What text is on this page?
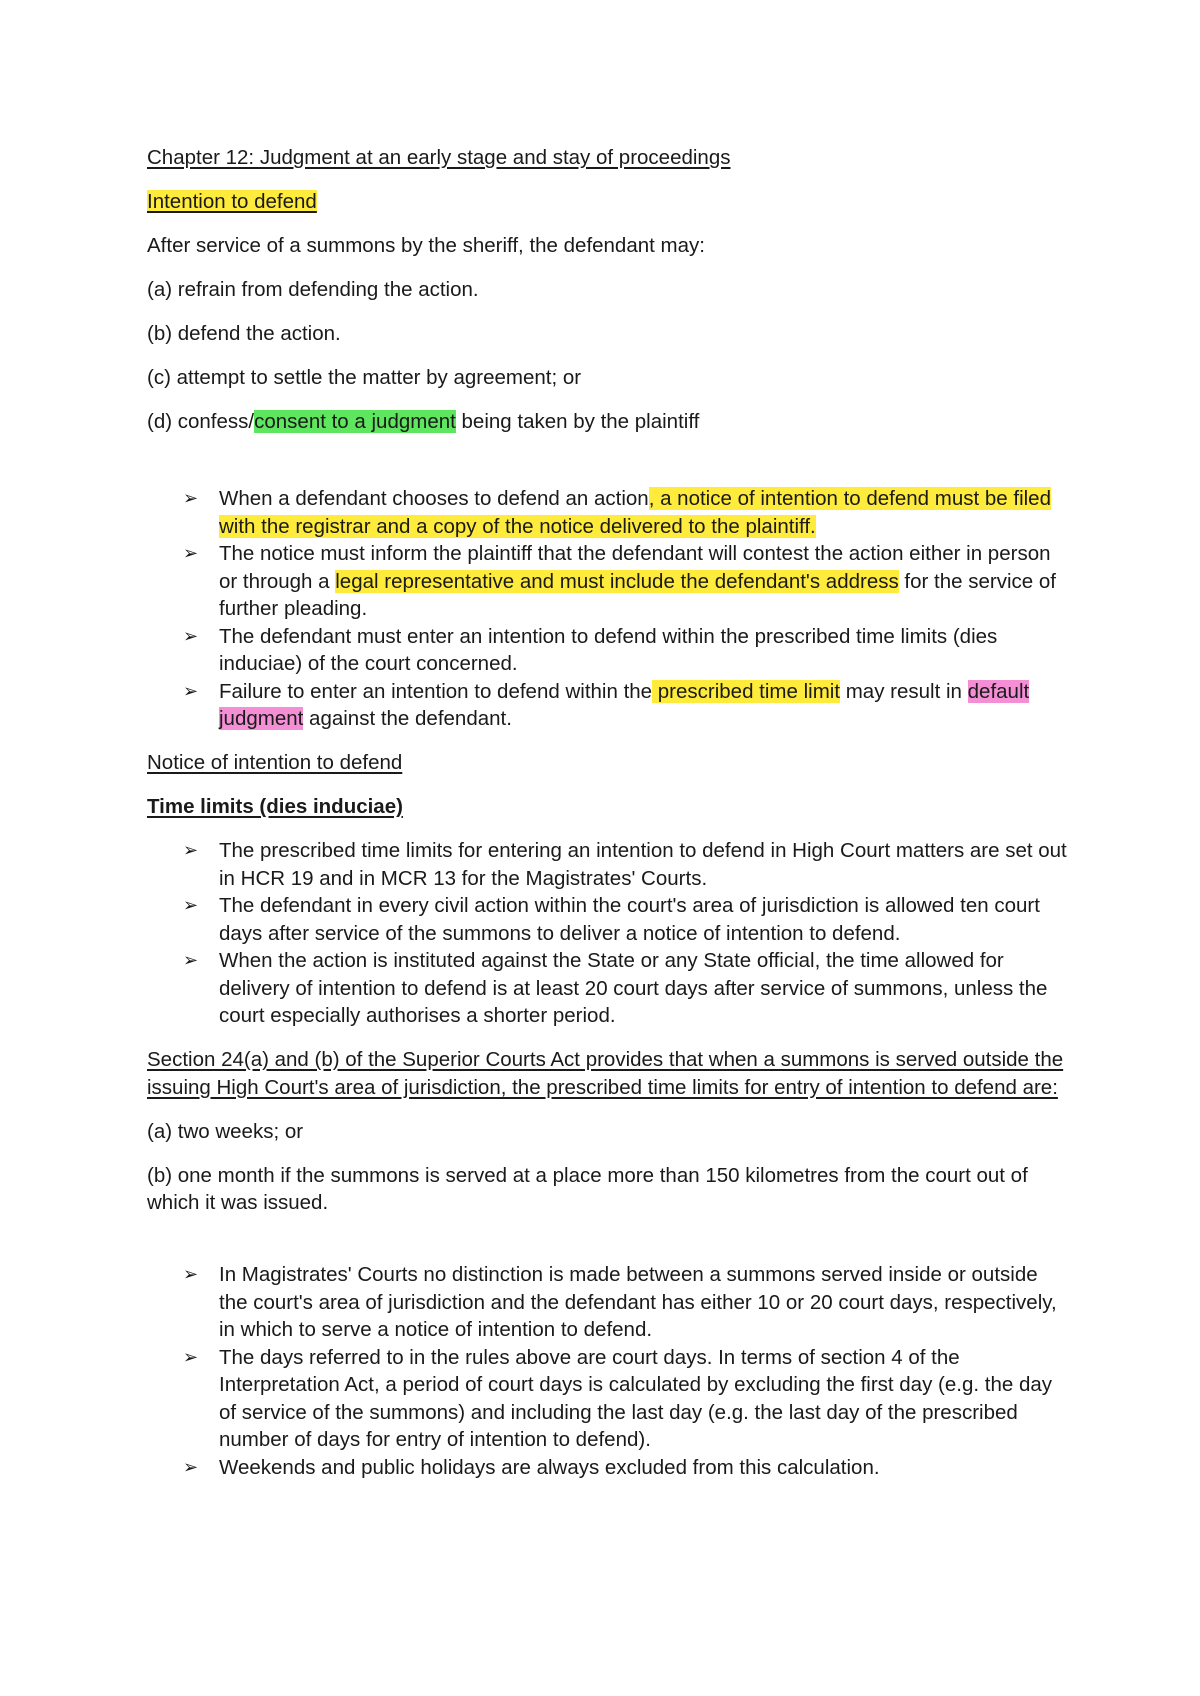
Chapter 12: Judgment at an early stage and stay of proceedings

Intention to defend

After service of a summons by the sheriff, the defendant may:

(a) refrain from defending the action.

(b) defend the action.

(c) attempt to settle the matter by agreement; or

(d) confess/consent to a judgment being taken by the plaintiff

➢ When a defendant chooses to defend an action, a notice of intention to defend must be filed with the registrar and a copy of the notice delivered to the plaintiff.
➢ The notice must inform the plaintiff that the defendant will contest the action either in person or through a legal representative and must include the defendant's address for the service of further pleading.
➢ The defendant must enter an intention to defend within the prescribed time limits (dies induciae) of the court concerned.
➢ Failure to enter an intention to defend within the prescribed time limit may result in default judgment against the defendant.

Notice of intention to defend

Time limits (dies induciae)

➢ The prescribed time limits for entering an intention to defend in High Court matters are set out in HCR 19 and in MCR 13 for the Magistrates' Courts.
➢ The defendant in every civil action within the court's area of jurisdiction is allowed ten court days after service of the summons to deliver a notice of intention to defend.
➢ When the action is instituted against the State or any State official, the time allowed for delivery of intention to defend is at least 20 court days after service of summons, unless the court especially authorises a shorter period.

Section 24(a) and (b) of the Superior Courts Act provides that when a summons is served outside the issuing High Court's area of jurisdiction, the prescribed time limits for entry of intention to defend are:

(a) two weeks; or

(b) one month if the summons is served at a place more than 150 kilometres from the court out of which it was issued.

➢ In Magistrates' Courts no distinction is made between a summons served inside or outside the court's area of jurisdiction and the defendant has either 10 or 20 court days, respectively, in which to serve a notice of intention to defend.
➢ The days referred to in the rules above are court days. In terms of section 4 of the Interpretation Act, a period of court days is calculated by excluding the first day (e.g. the day of service of the summons) and including the last day (e.g. the last day of the prescribed number of days for entry of intention to defend).
➢ Weekends and public holidays are always excluded from this calculation.
